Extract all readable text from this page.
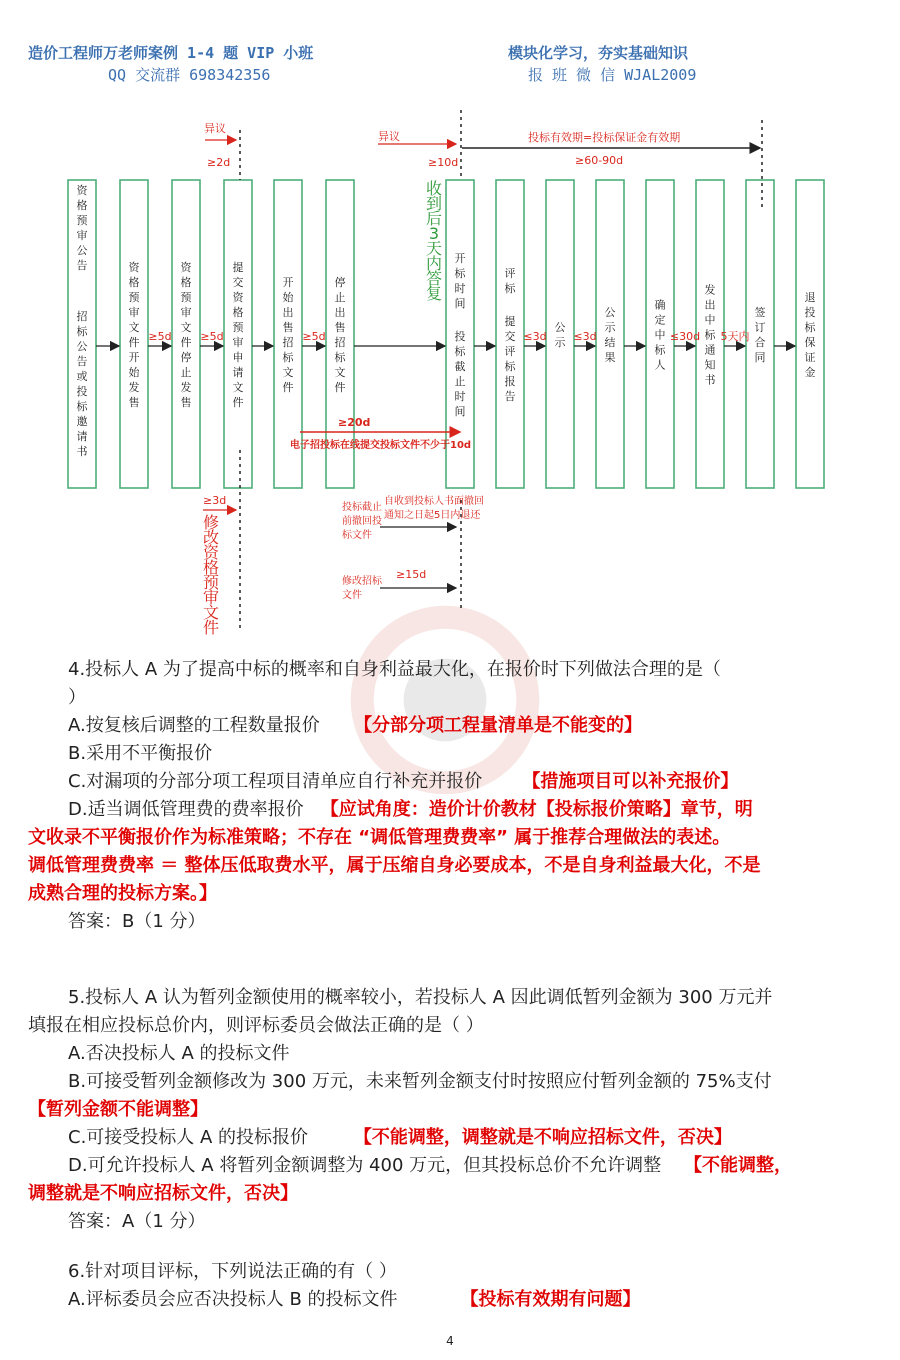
造价工程师万老师案例 1-4 题 VIP 小班
QQ 交流群 698342356
模块化学习，夯实基础知识
报 班 微 信 WJAL2009
资格预审公告招标公告或投标邀请书
资格预审文件开始发售
资格预审文件停止发售
提交资格预审申请文件
开始出售招标文件
停止出售招标文件
开标时间投标截止时间
评标提交评标报告
公示
公示结果
确定中标人
发出中标通知书
签订合同
退投标保证金
≥5d	≥5d	≥5d	≤3d ≤3d	≤30d 5天内
异议
≥2d
异议	投标有效期=投标保证金有效期
≥60-90d
≥10d
≥20d
电子招投标在线提交投标文件不少于10d
≥3d
投标截止前撤回投标文件
自收到投标人书面撤回
通知之日起5日内退还
修改招标文件
≥15d
收到后 3 天内答复
修改资格预审文件

4.投标人 A 为了提高中标的概率和自身利益最大化，在报价时下列做法合理的是（

）

A.按复核后调整的工程数量报价 【分部分项工程量清单是不能变的】

B.采用不平衡报价

C.对漏项的分部分项工程项目清单应自行补充并报价 【措施项目可以补充报价】

D.适当调低管理费的费率报价 【应试角度：造价计价教材【投标报价策略】章节，明

文收录不平衡报价作为标准策略；不存在 “调低管理费费率” 属于推荐合理做法的表述。

调低管理费费率 ＝ 整体压低取费水平，属于压缩自身必要成本，不是自身利益最大化，不是

成熟合理的投标方案。】

答案：B（1 分）

5.投标人 A 认为暂列金额使用的概率较小，若投标人 A 因此调低暂列金额为 300 万元并

填报在相应投标总价内，则评标委员会做法正确的是（ ）

A.否决投标人 A 的投标文件

B.可接受暂列金额修改为 300 万元，未来暂列金额支付时按照应付暂列金额的 75%支付

【暂列金额不能调整】

C.可接受投标人 A 的投标报价	【不能调整，调整就是不响应招标文件，否决】

D.可允许投标人 A 将暂列金额调整为 400 万元，但其投标总价不允许调整 【不能调整，

调整就是不响应招标文件，否决】

答案：A（1 分）

6.针对项目评标，下列说法正确的有（ ）

A.评标委员会应否决投标人 B 的投标文件	【投标有效期有问题】

4
